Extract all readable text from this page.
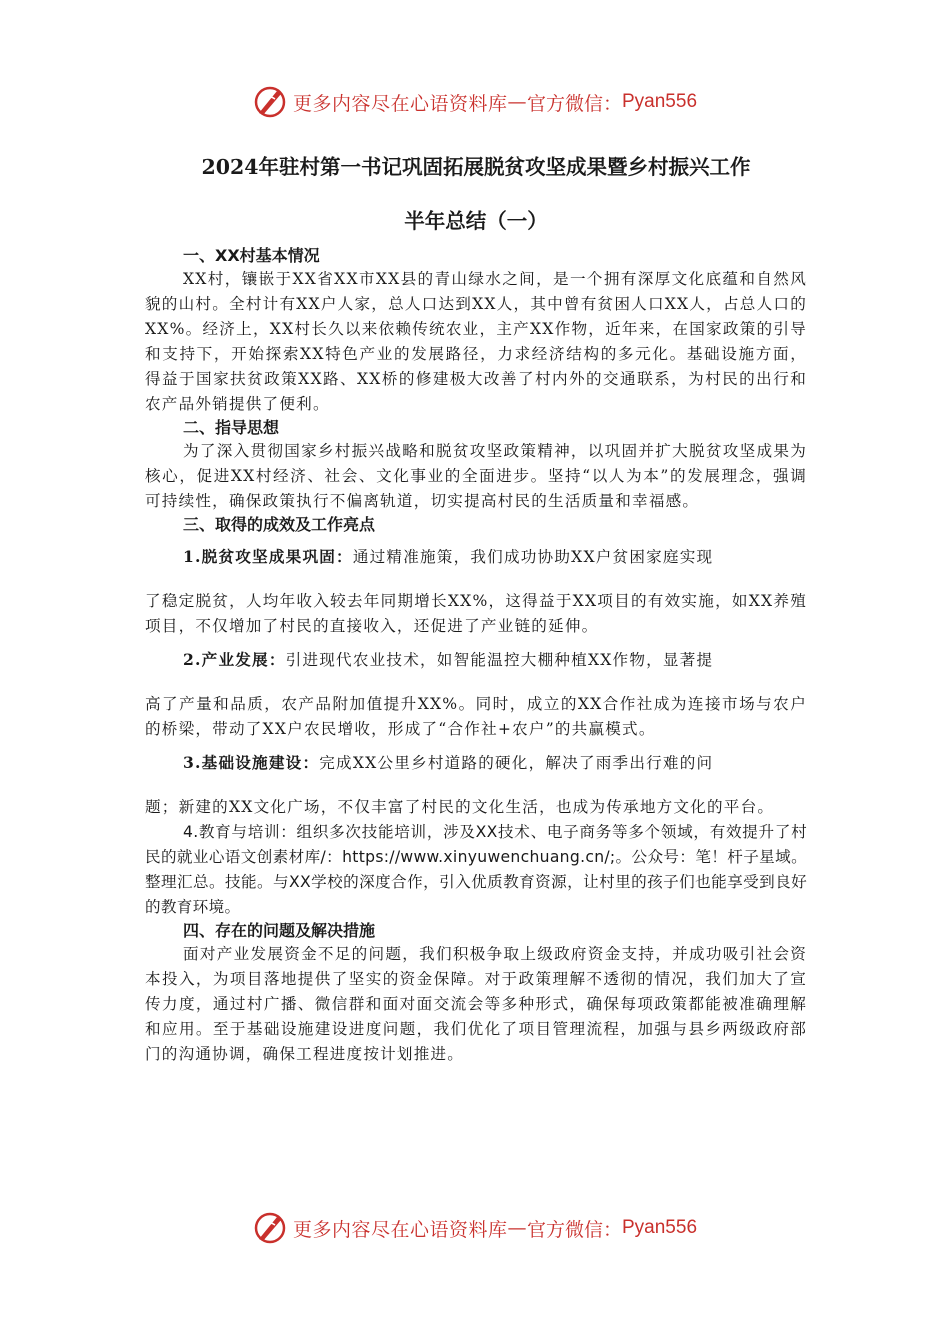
更多内容尽在心语资料库 — 官方微信： Pyan556
2024年驻村第一书记巩固拓展脱贫攻坚成果暨乡村振兴工作
半年总结（一）
一、XX村基本情况

XX村，镶嵌于XX省XX市XX县的青山绿水之间，是一个拥有深厚文化底蕴和自然风貌的山村。全村计有XX户人家，总人口达到XX人，其中曾有贫困人口XX人，占总人口的XX%。经济上，XX村长久以来依赖传统农业，主产XX作物，近年来，在国家政策的引导和支持下，开始探索XX特色产业的发展路径，力求经济结构的多元化。基础设施方面，得益于国家扶贫政策XX路、XX桥的修建极大改善了村内外的交通联系，为村民的出行和农产品外销提供了便利。

二、指导思想

为了深入贯彻国家乡村振兴战略和脱贫攻坚政策精神，以巩固并扩大脱贫攻坚成果为核心，促进XX村经济、社会、文化事业的全面进步。坚持“以人为本”的发展理念，强调可持续性，确保政策执行不偏离轨道，切实提高村民的生活质量和幸福感。

三、取得的成效及工作亮点
1.脱贫攻坚成果巩固：通过精准施策，我们成功协助XX户贫困家庭实现
了稳定脱贫，人均年收入较去年同期增长XX%，这得益于XX项目的有效实施，如XX养殖项目，不仅增加了村民的直接收入，还促进了产业链的延伸。
2.产业发展：引进现代农业技术，如智能温控大棚种植XX作物，显著提
高了产量和品质，农产品附加值提升XX%。同时，成立的XX合作社成为连接市场与农户的桥梁，带动了XX户农民增收，形成了“合作社+农户”的共赢模式。
3.基础设施建设：完成XX公里乡村道路的硬化，解决了雨季出行难的问
题；新建的XX文化广场，不仅丰富了村民的文化生活，也成为传承地方文化的平台。

4.教育与培训：组织多次技能培训，涉及XX技术、电子商务等多个领域，有效提升了村民的就业心语文创素材库/：https://www.xinyuwenchuang.cn/;。公众号：笔！杆子星域。整理汇总。技能。与XX学校的深度合作，引入优质教育资源，让村里的孩子们也能享受到良好的教育环境。

四、存在的问题及解决措施

面对产业发展资金不足的问题，我们积极争取上级政府资金支持，并成功吸引社会资本投入，为项目落地提供了坚实的资金保障。对于政策理解不透彻的情况，我们加大了宣传力度，通过村广播、微信群和面对面交流会等多种形式，确保每项政策都能被准确理解和应用。至于基础设施建设进度问题，我们优化了项目管理流程，加强与县乡两级政府部门的沟通协调，确保工程进度按计划推进。

更多内容尽在心语资料库 — 官方微信： Pyan556
